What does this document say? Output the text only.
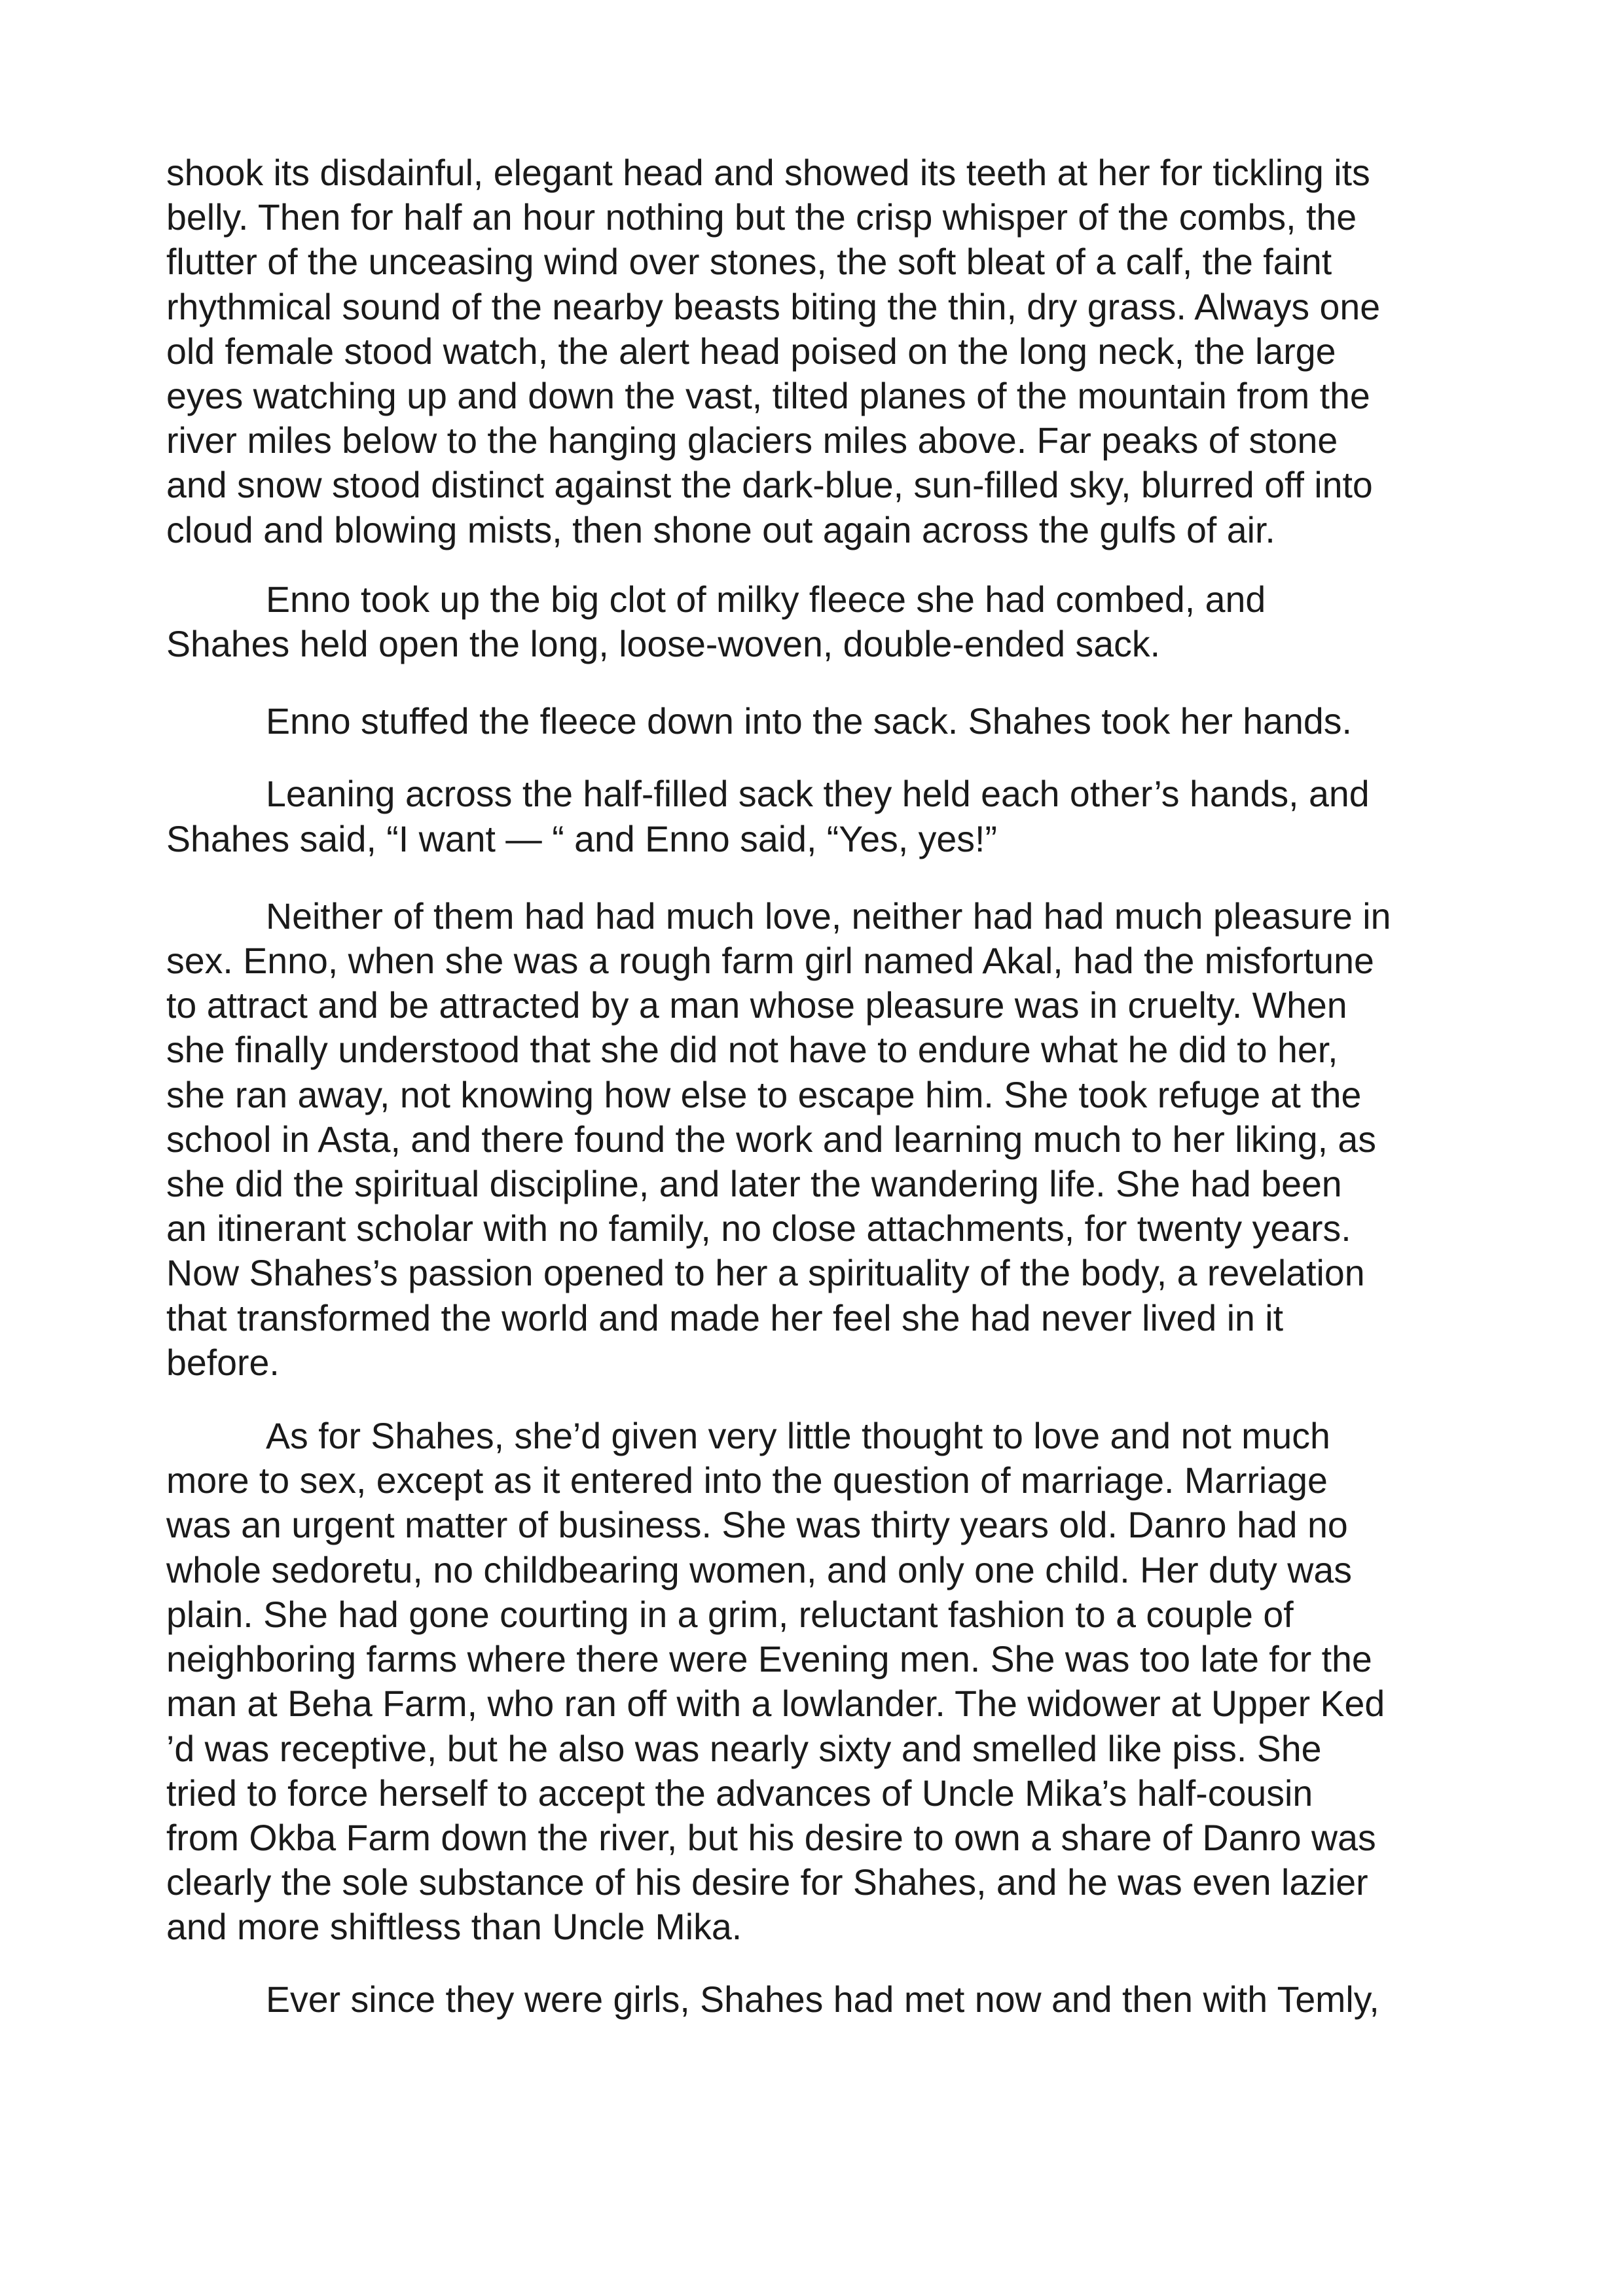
shook its disdainful, elegant head and showed its teeth at her for tickling its
belly. Then for half an hour nothing but the crisp whisper of the combs, the
flutter of the unceasing wind over stones, the soft bleat of a calf, the faint
rhythmical sound of the nearby beasts biting the thin, dry grass. Always one
old female stood watch, the alert head poised on the long neck, the large
eyes watching up and down the vast, tilted planes of the mountain from the
river miles below to the hanging glaciers miles above. Far peaks of stone
and snow stood distinct against the dark-blue, sun-filled sky, blurred off into
cloud and blowing mists, then shone out again across the gulfs of air.

Enno took up the big clot of milky fleece she had combed, and
Shahes held open the long, loose-woven, double-ended sack.

Enno stuffed the fleece down into the sack. Shahes took her hands.

Leaning across the half-filled sack they held each other’s hands, and
Shahes said, “I want — “ and Enno said, “Yes, yes!”

Neither of them had had much love, neither had had much pleasure in
sex. Enno, when she was a rough farm girl named Akal, had the misfortune
to attract and be attracted by a man whose pleasure was in cruelty. When
she finally understood that she did not have to endure what he did to her,
she ran away, not knowing how else to escape him. She took refuge at the
school in Asta, and there found the work and learning much to her liking, as
she did the spiritual discipline, and later the wandering life. She had been
an itinerant scholar with no family, no close attachments, for twenty years.
Now Shahes’s passion opened to her a spirituality of the body, a revelation
that transformed the world and made her feel she had never lived in it
before.

As for Shahes, she’d given very little thought to love and not much
more to sex, except as it entered into the question of marriage. Marriage
was an urgent matter of business. She was thirty years old. Danro had no
whole sedoretu, no childbearing women, and only one child. Her duty was
plain. She had gone courting in a grim, reluctant fashion to a couple of
neighboring farms where there were Evening men. She was too late for the
man at Beha Farm, who ran off with a lowlander. The widower at Upper Ked
’d was receptive, but he also was nearly sixty and smelled like piss. She
tried to force herself to accept the advances of Uncle Mika’s half-cousin
from Okba Farm down the river, but his desire to own a share of Danro was
clearly the sole substance of his desire for Shahes, and he was even lazier
and more shiftless than Uncle Mika.

Ever since they were girls, Shahes had met now and then with Temly,
